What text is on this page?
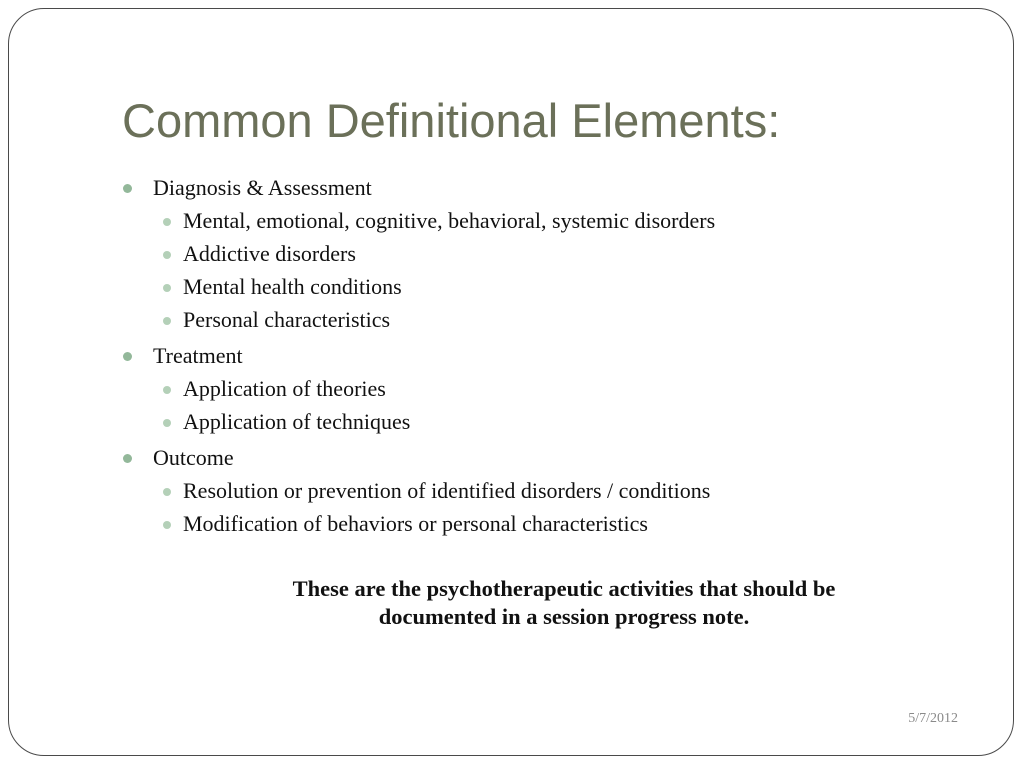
Common Definitional Elements:
Diagnosis & Assessment
Mental, emotional, cognitive, behavioral, systemic disorders
Addictive disorders
Mental health conditions
Personal characteristics
Treatment
Application of theories
Application of techniques
Outcome
Resolution or prevention of identified disorders / conditions
Modification of behaviors or personal characteristics
These are the psychotherapeutic activities that should be
documented in a session progress note.
5/7/2012
